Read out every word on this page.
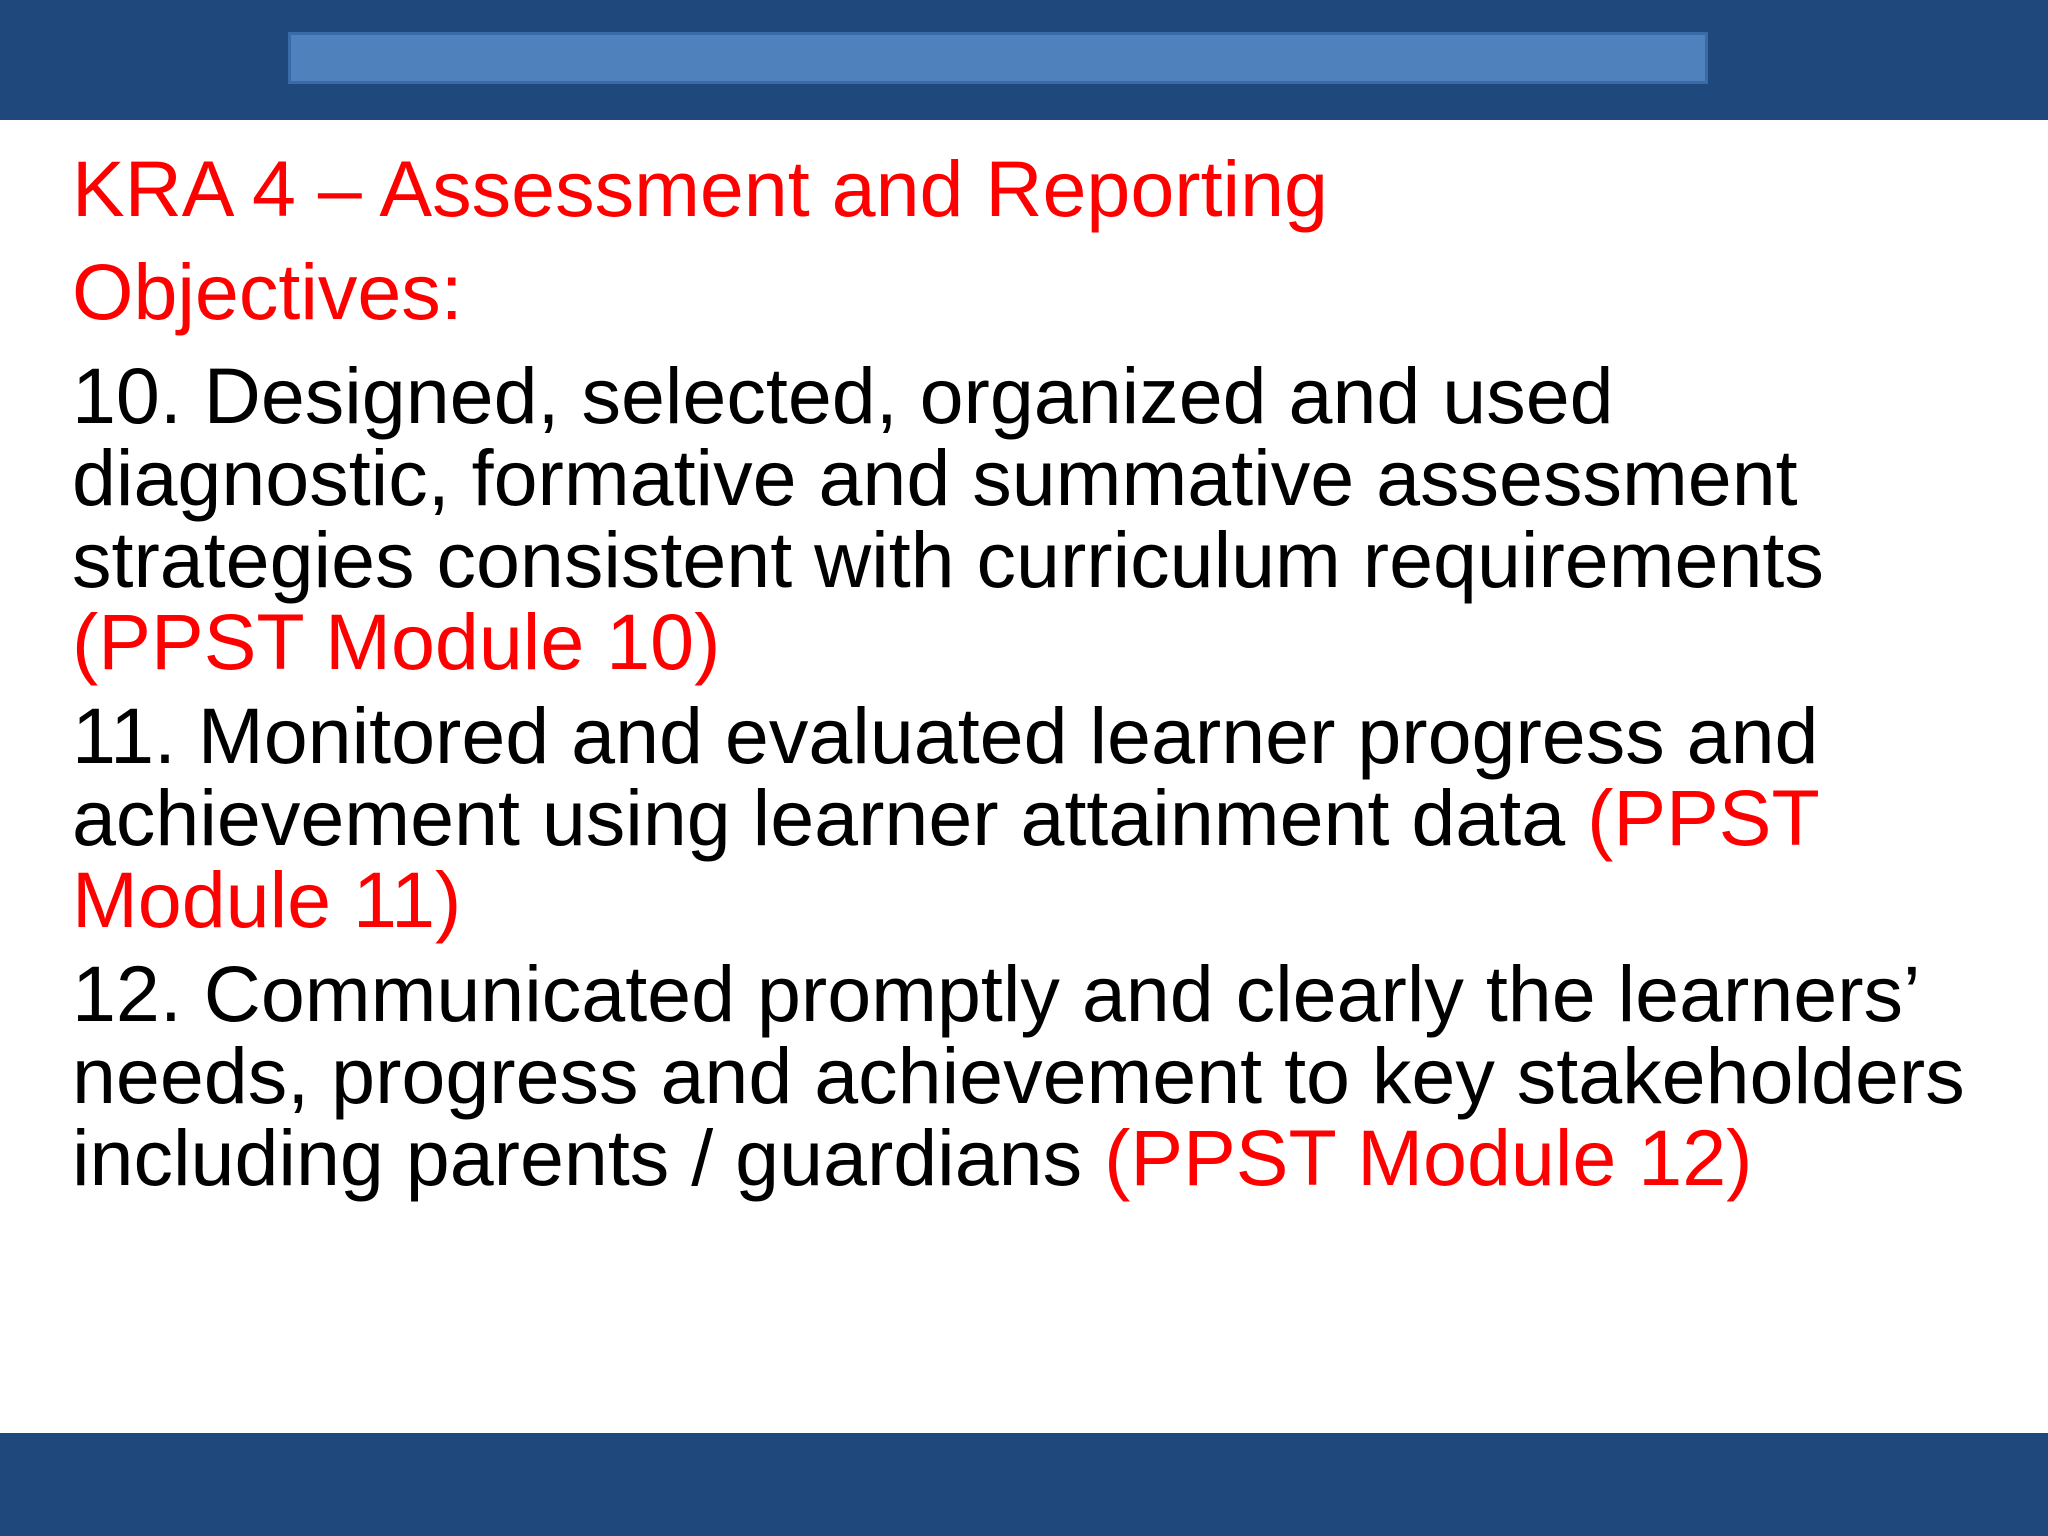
KRA 4 – Assessment and Reporting

Objectives:

10. Designed, selected, organized and used diagnostic, formative and summative assessment strategies consistent with curriculum requirements (PPST Module 10)

11. Monitored and evaluated learner progress and achievement using learner attainment data (PPST Module 11)

12. Communicated promptly and clearly the learners’ needs, progress and achievement to key stakeholders including parents / guardians (PPST Module 12)
